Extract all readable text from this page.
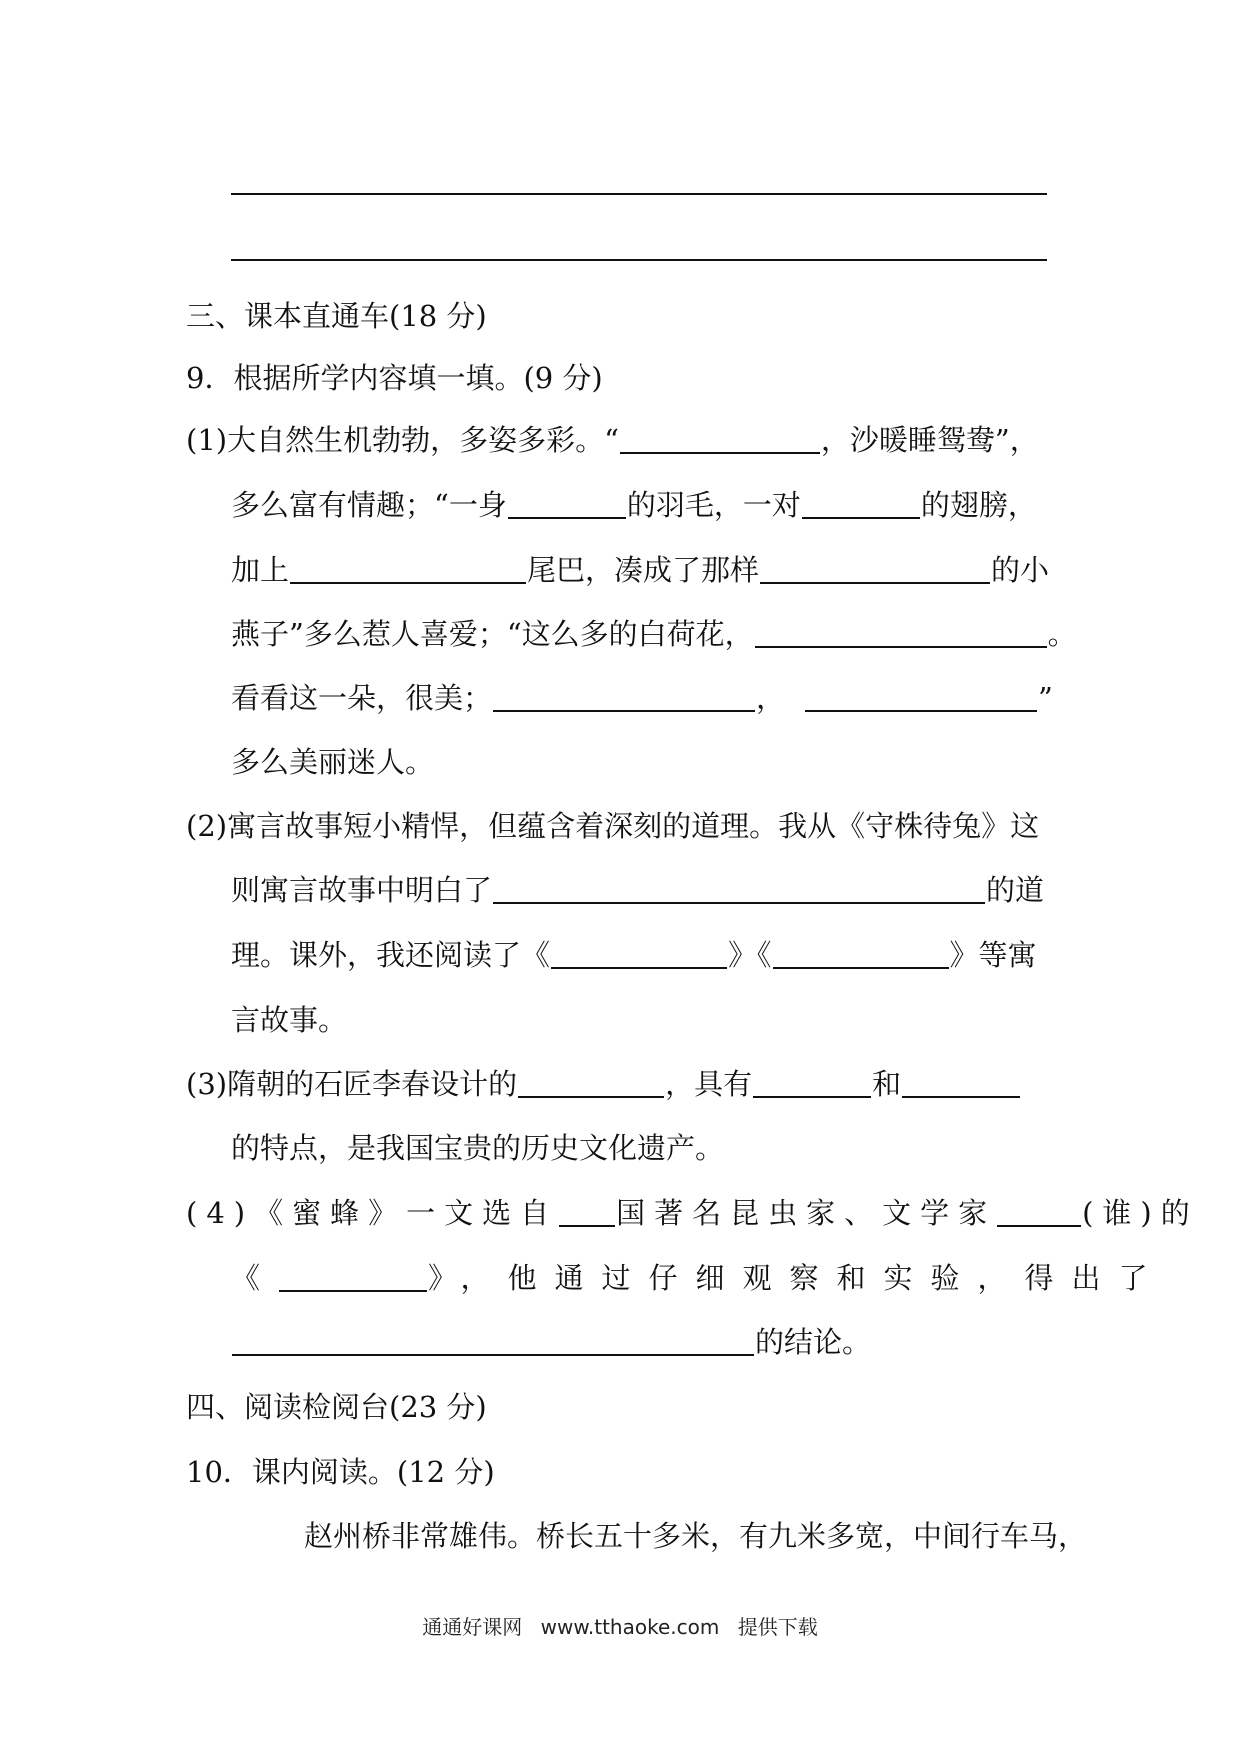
三、课本直通车(18 分)
9．根据所学内容填一填。(9 分)
(1)大自然生机勃勃，多姿多彩。“	，沙暖睡鸳鸯”，
多么富有情趣；“一身	的羽毛，一对	的翅膀，
加上	尾巴，凑成了那样	的小
燕子”多么惹人喜爱；“这么多的白荷花，	。
看看这一朵，很美；	，	”
多么美丽迷人。
(2)寓言故事短小精悍，但蕴含着深刻的道理。我从《守株待兔》这
则寓言故事中明白了	的道
理。课外，我还阅读了《	》《	》等寓
言故事。
(3)隋朝的石匠李春设计的	，具有	和
的特点，是我国宝贵的历史文化遗产。
(4)《蜜蜂》一文选自 国著名昆虫家、文学家	(谁)的
《	》，他通过仔细观察和实验，得出了
的结论。
四、阅读检阅台(23 分)
10．课内阅读。(12 分)
赵州桥非常雄伟。桥长五十多米，有九米多宽，中间行车马，
通通好课网 www.tthaoke.com 提供下载
